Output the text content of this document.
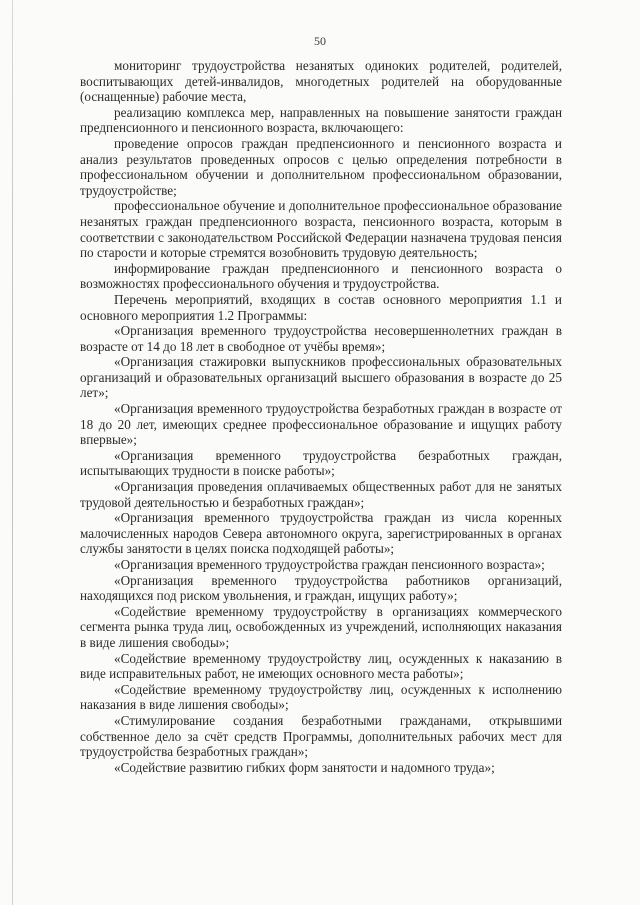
50

мониторинг трудоустройства незанятых одиноких родителей, родителей, воспитывающих детей-инвалидов, многодетных родителей на оборудованные (оснащенные) рабочие места,

реализацию комплекса мер, направленных на повышение занятости граждан предпенсионного и пенсионного возраста, включающего:

проведение опросов граждан предпенсионного и пенсионного возраста и анализ результатов проведенных опросов с целью определения потребности в профессиональном обучении и дополнительном профессиональном образовании, трудоустройстве;

профессиональное обучение и дополнительное профессиональное образование незанятых граждан предпенсионного возраста, пенсионного возраста, которым в соответствии с законодательством Российской Федерации назначена трудовая пенсия по старости и которые стремятся возобновить трудовую деятельность;

информирование граждан предпенсионного и пенсионного возраста о возможностях профессионального обучения и трудоустройства.

Перечень мероприятий, входящих в состав основного мероприятия 1.1 и основного мероприятия 1.2 Программы:

«Организация временного трудоустройства несовершеннолетних граждан в возрасте от 14 до 18 лет в свободное от учёбы время»;

«Организация стажировки выпускников профессиональных образовательных организаций и образовательных организаций высшего образования в возрасте до 25 лет»;

«Организация временного трудоустройства безработных граждан в возрасте от 18 до 20 лет, имеющих среднее профессиональное образование и ищущих работу впервые»;

«Организация временного трудоустройства безработных граждан, испытывающих трудности в поиске работы»;

«Организация проведения оплачиваемых общественных работ для не занятых трудовой деятельностью и безработных граждан»;

«Организация временного трудоустройства граждан из числа коренных малочисленных народов Севера автономного округа, зарегистрированных в органах службы занятости в целях поиска подходящей работы»;

«Организация временного трудоустройства граждан пенсионного возраста»;

«Организация временного трудоустройства работников организаций, находящихся под риском увольнения, и граждан, ищущих работу»;

«Содействие временному трудоустройству в организациях коммерческого сегмента рынка труда лиц, освобожденных из учреждений, исполняющих наказания в виде лишения свободы»;

«Содействие временному трудоустройству лиц, осужденных к наказанию в виде исправительных работ, не имеющих основного места работы»;

«Содействие временному трудоустройству лиц, осужденных к исполнению наказания в виде лишения свободы»;

«Стимулирование создания безработными гражданами, открывшими собственное дело за счёт средств Программы, дополнительных рабочих мест для трудоустройства безработных граждан»;

«Содействие развитию гибких форм занятости и надомного труда»;
